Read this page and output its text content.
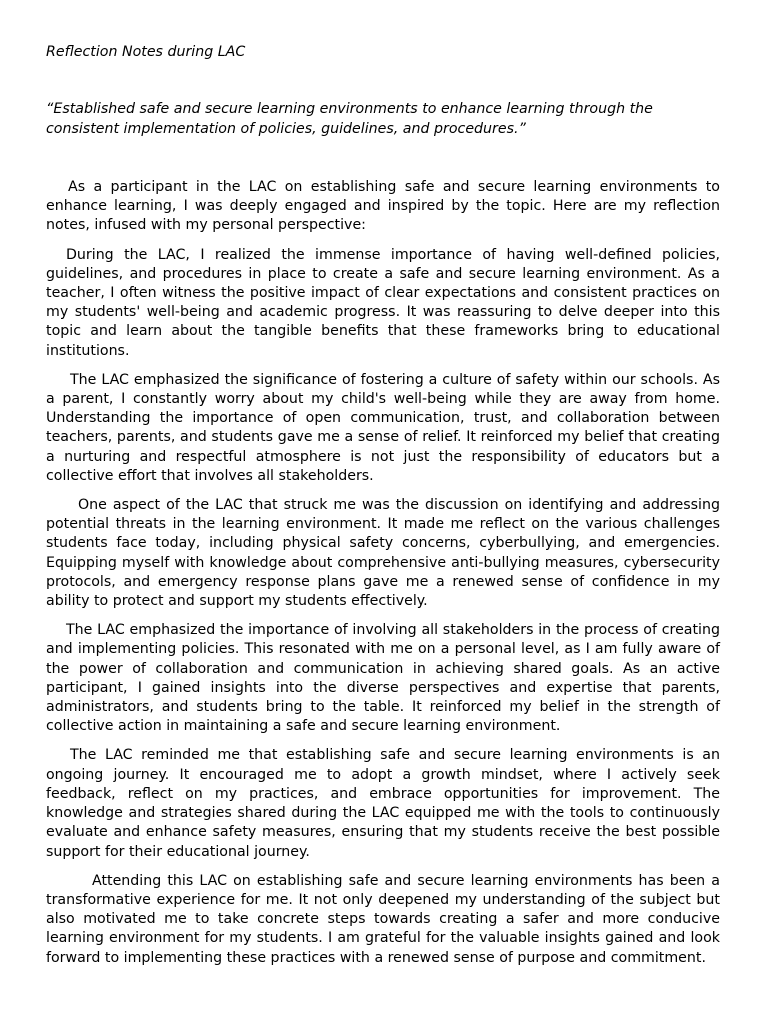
Reflection Notes during LAC

“Established safe and secure learning environments to enhance learning through the consistent implementation of policies, guidelines, and procedures.”

As a participant in the LAC on establishing safe and secure learning environments to enhance learning, I was deeply engaged and inspired by the topic. Here are my reflection notes, infused with my personal perspective:

During the LAC, I realized the immense importance of having well-defined policies, guidelines, and procedures in place to create a safe and secure learning environment. As a teacher, I often witness the positive impact of clear expectations and consistent practices on my students' well-being and academic progress. It was reassuring to delve deeper into this topic and learn about the tangible benefits that these frameworks bring to educational institutions.

The LAC emphasized the significance of fostering a culture of safety within our schools. As a parent, I constantly worry about my child's well-being while they are away from home. Understanding the importance of open communication, trust, and collaboration between teachers, parents, and students gave me a sense of relief. It reinforced my belief that creating a nurturing and respectful atmosphere is not just the responsibility of educators but a collective effort that involves all stakeholders.

One aspect of the LAC that struck me was the discussion on identifying and addressing potential threats in the learning environment. It made me reflect on the various challenges students face today, including physical safety concerns, cyberbullying, and emergencies. Equipping myself with knowledge about comprehensive anti-bullying measures, cybersecurity protocols, and emergency response plans gave me a renewed sense of confidence in my ability to protect and support my students effectively.

The LAC emphasized the importance of involving all stakeholders in the process of creating and implementing policies. This resonated with me on a personal level, as I am fully aware of the power of collaboration and communication in achieving shared goals. As an active participant, I gained insights into the diverse perspectives and expertise that parents, administrators, and students bring to the table. It reinforced my belief in the strength of collective action in maintaining a safe and secure learning environment.

The LAC reminded me that establishing safe and secure learning environments is an ongoing journey. It encouraged me to adopt a growth mindset, where I actively seek feedback, reflect on my practices, and embrace opportunities for improvement. The knowledge and strategies shared during the LAC equipped me with the tools to continuously evaluate and enhance safety measures, ensuring that my students receive the best possible support for their educational journey.

Attending this LAC on establishing safe and secure learning environments has been a transformative experience for me. It not only deepened my understanding of the subject but also motivated me to take concrete steps towards creating a safer and more conducive learning environment for my students. I am grateful for the valuable insights gained and look forward to implementing these practices with a renewed sense of purpose and commitment.
